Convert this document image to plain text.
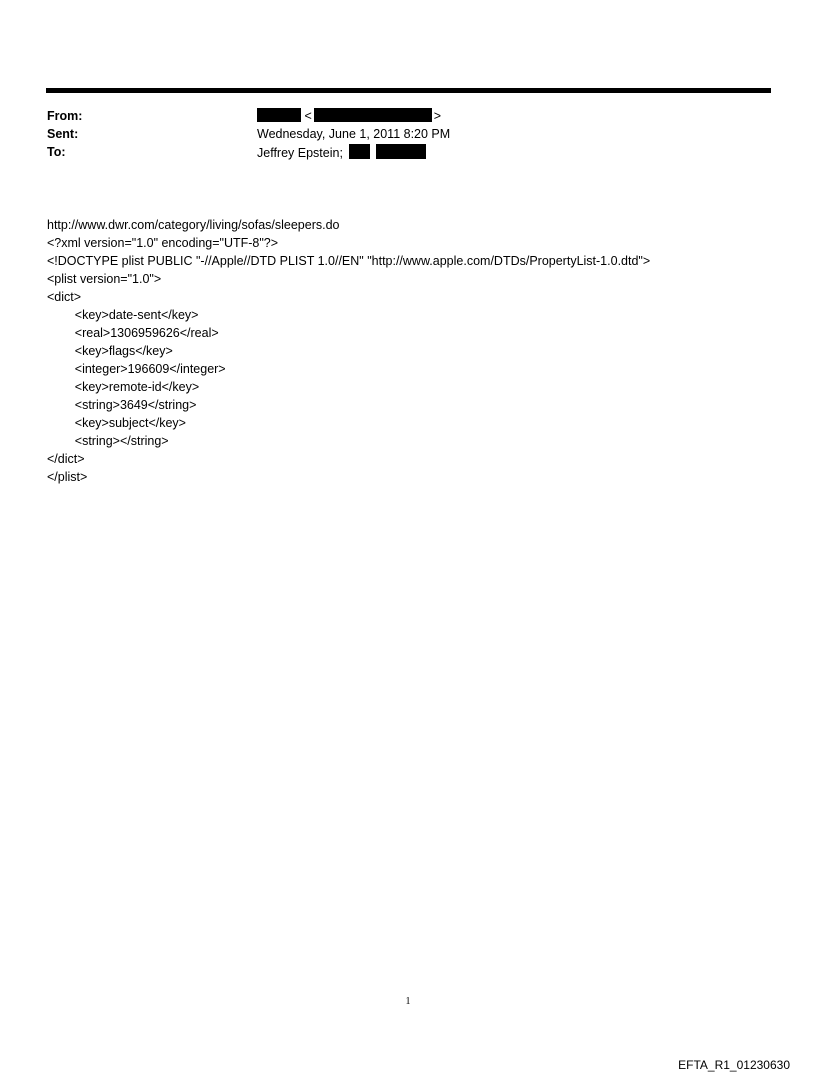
From:
Sent:
To:
<	>
Wednesday, June 1, 2011 8:20 PM
Jeffrey Epstein;

http://www.dwr.com/category/living/sofas/sleepers.do
<?xml version="1.0" encoding="UTF-8"?>
<!DOCTYPE plist PUBLIC "-//Apple//DTD PLIST 1.0//EN" "http://www.apple.com/DTDs/PropertyList-1.0.dtd">
<plist version="1.0">
<dict>
<key>date-sent</key>
<real>1306959626</real>
<key>flags</key>
<integer>196609</integer>
<key>remote-id</key>
<string>3649</string>
<key>subject</key>
<string></string>
</dict>
</plist>

1
EFTA_R1_01230630
